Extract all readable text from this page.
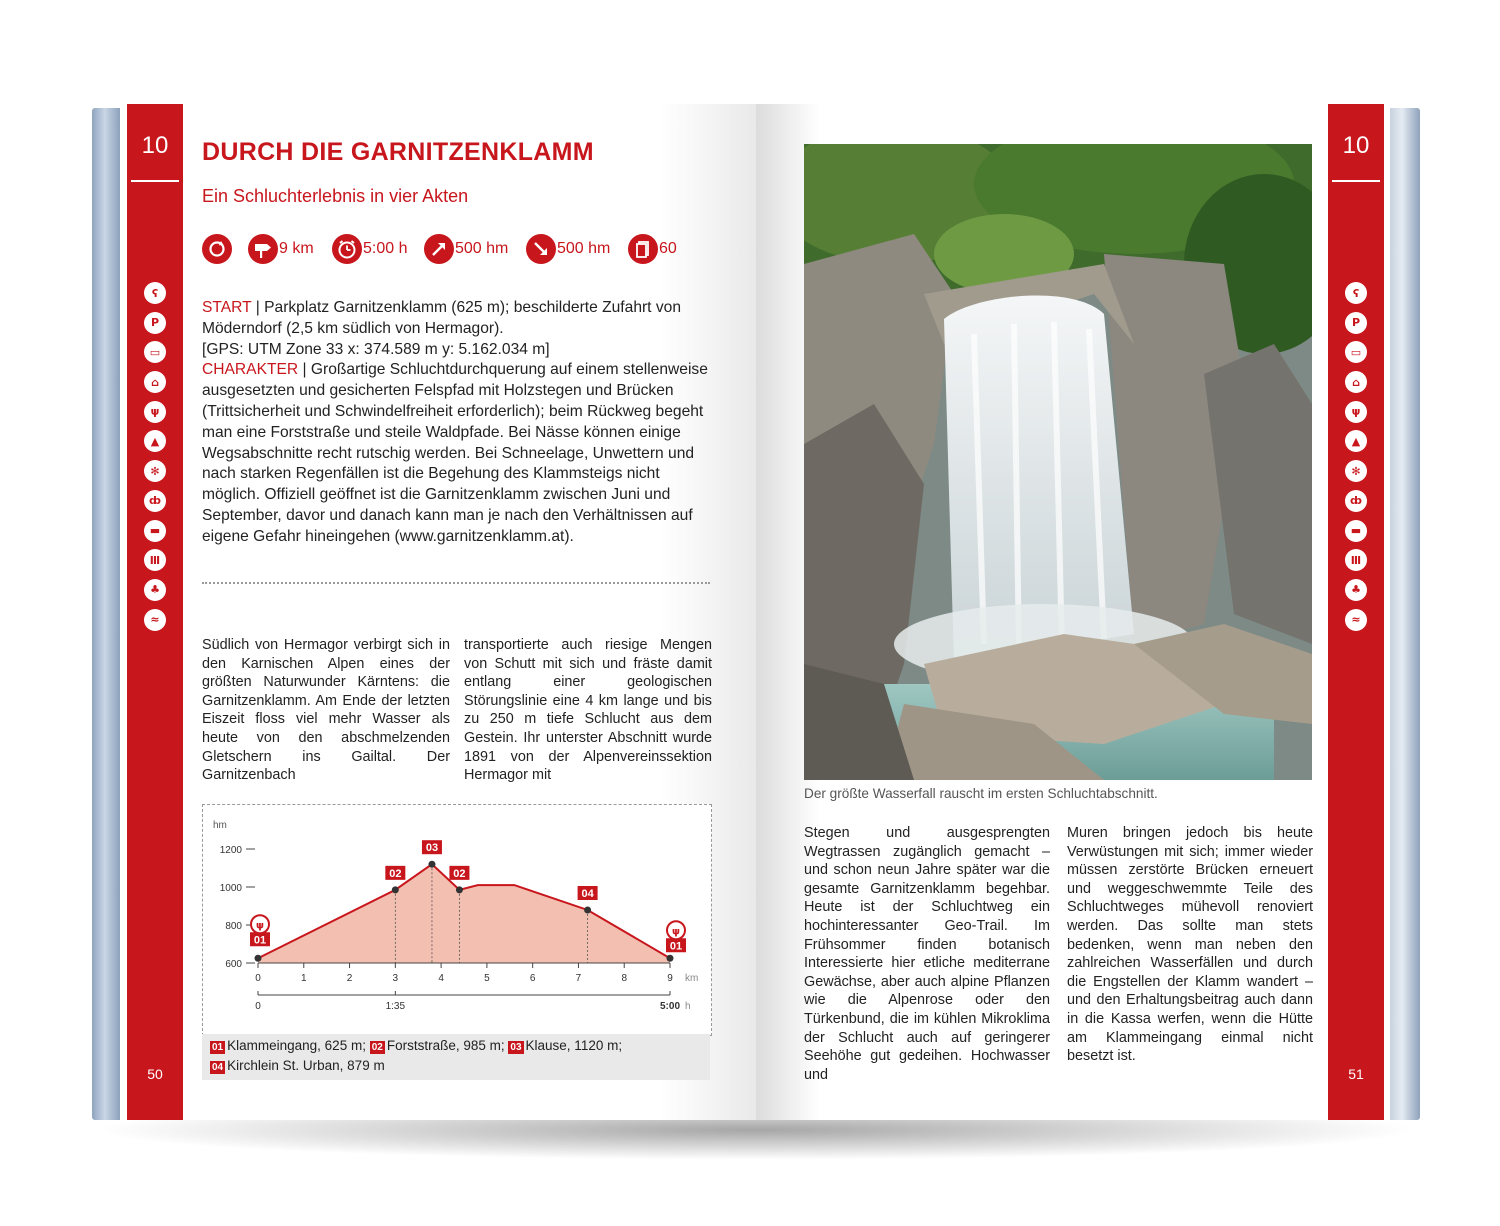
10
ʕ
P
▭
⌂
ψ
▲
✻
ȸ
▬
Ⅲ
♣
≈
50
DURCH DIE GARNITZENKLAMM
Ein Schluchterlebnis in vier Akten
9 km	5:00 h	500 hm	500 hm	60
START | Parkplatz Garnitzenklamm (625 m); beschilderte Zufahrt von Möderndorf (2,5 km südlich von Hermagor).
[GPS: UTM Zone 33 x: 374.589 m y: 5.162.034 m]
CHARAKTER | Großartige Schluchtdurchquerung auf einem stellenweise ausgesetzten und gesicherten Felspfad mit Holzstegen und Brücken (Trittsicherheit und Schwindelfreiheit erforderlich); beim Rückweg begeht man eine Forststraße und steile Waldpfade. Bei Nässe können einige Wegsabschnitte recht rutschig werden. Bei Schneelage, Unwettern und nach starken Regenfällen ist die Begehung des Klammsteigs nicht möglich. Offiziell geöffnet ist die Garnitzenklamm zwischen Juni und September, davor und danach kann man je nach den Verhältnissen auf eigene Gefahr hineingehen (www.garnitzenklamm.at).
Südlich von Hermagor verbirgt sich in den Karnischen Alpen eines der größten Naturwunder Kärntens: die Garnitzenklamm. Am Ende der letzten Eiszeit floss viel mehr Wasser als heute von den abschmelzenden Gletschern ins Gailtal. Der Garnitzenbach
transportierte auch riesige Mengen von Schutt mit sich und fräste damit entlang einer geologischen Störungslinie eine 4 km lange und bis zu 250 m tiefe Schlucht aus dem Gestein. Ihr unterster Abschnitt wurde 1891 von der Alpenvereinssektion Hermagor mit
hm
km
h
600
800
1000
1200
0	1	2	3	4	5	6	7	8	9
0	1:35	5:00
01
ψ
02
03
02
04
01
ψ
01 Klammeingang, 625 m; 02 Forststraße, 985 m; 03 Klause, 1120 m;
04 Kirchlein St. Urban, 879 m
Der größte Wasserfall rauscht im ersten Schluchtabschnitt.
Stegen und ausgesprengten Wegtrassen zugänglich gemacht – und schon neun Jahre später war die gesamte Garnitzenklamm begehbar. Heute ist der Schluchtweg ein hochinteressanter Geo-Trail. Im Frühsommer finden botanisch Interessierte hier etliche mediterrane Gewächse, aber auch alpine Pflanzen wie die Alpenrose oder den Türkenbund, die im kühlen Mikroklima der Schlucht auch auf geringerer Seehöhe gut gedeihen. Hochwasser und
Muren bringen jedoch bis heute Verwüstungen mit sich; immer wieder müssen zerstörte Brücken erneuert und weggeschwemmte Teile des Schluchtweges mühevoll renoviert werden. Das sollte man stets bedenken, wenn man neben den zahlreichen Wasserfällen und durch die Engstellen der Klamm wandert – und den Erhaltungsbeitrag auch dann in die Kassa werfen, wenn die Hütte am Klammeingang einmal nicht besetzt ist.
10
ʕ
P
▭
⌂
ψ
▲
✻
ȸ
▬
Ⅲ
♣
≈
51
